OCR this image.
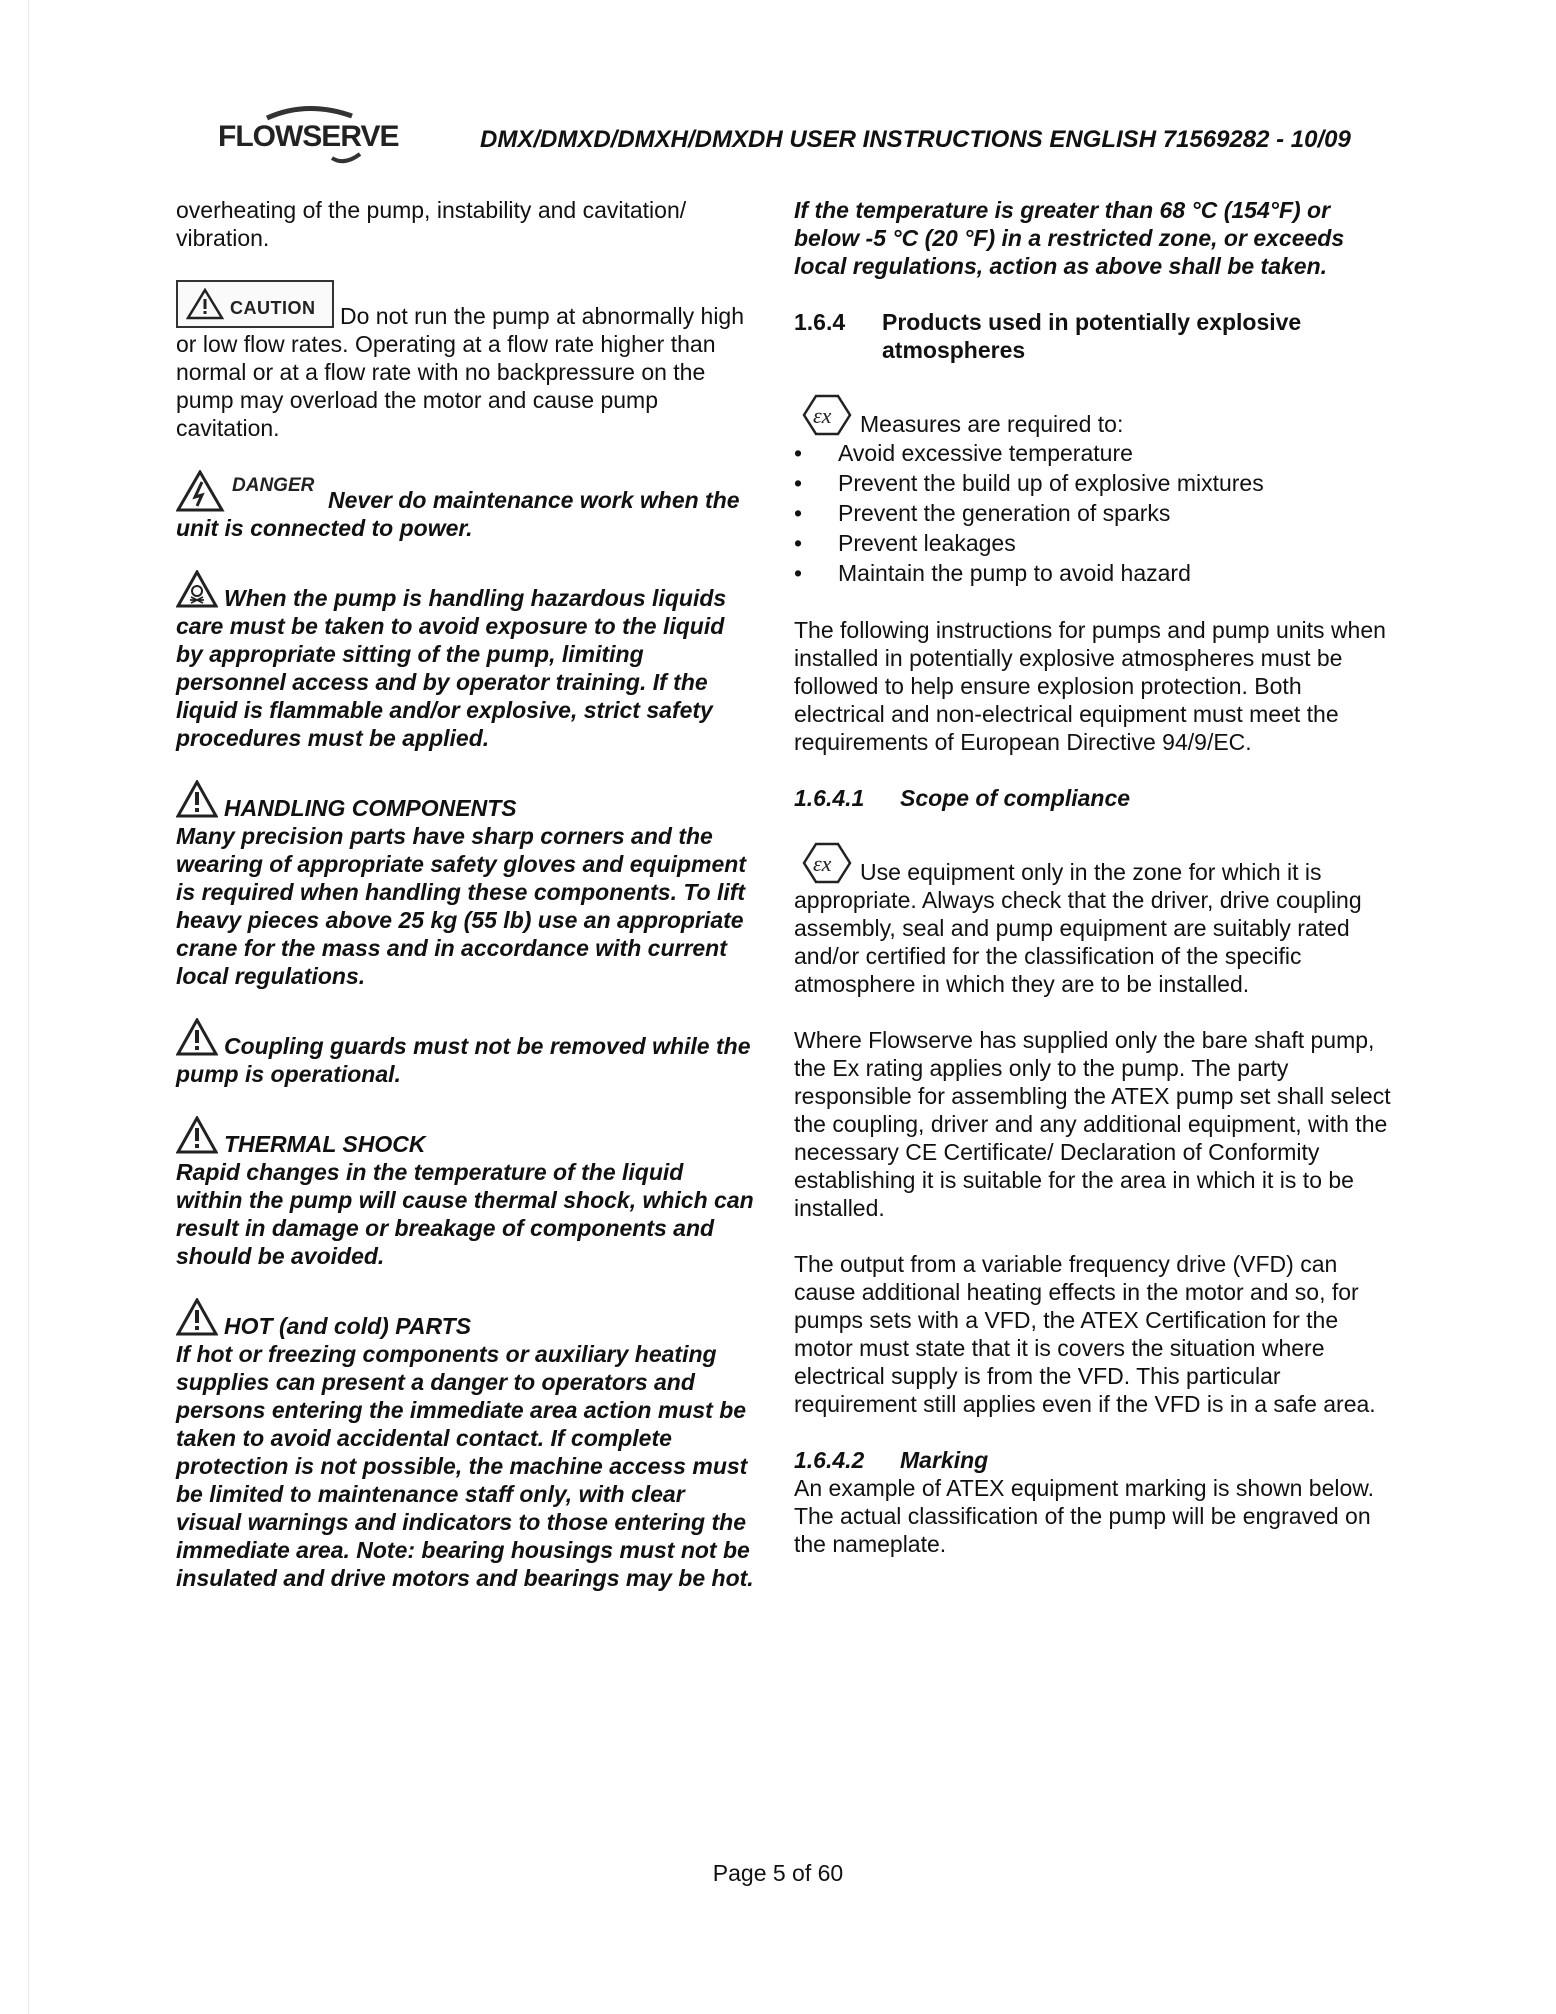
FLOWSERVE	DMX/DMXD/DMXH/DMXDH USER INSTRUCTIONS ENGLISH 71569282 - 10/09

overheating of the pump, instability and cavitation/ vibration.

CAUTION Do not run the pump at abnormally high or low flow rates. Operating at a flow rate higher than normal or at a flow rate with no backpressure on the pump may overload the motor and cause pump cavitation.

DANGER
Never do maintenance work when the unit is connected to power.

When the pump is handling hazardous liquids care must be taken to avoid exposure to the liquid by appropriate sitting of the pump, limiting personnel access and by operator training. If the liquid is flammable and/or explosive, strict safety procedures must be applied.

HANDLING COMPONENTS
Many precision parts have sharp corners and the wearing of appropriate safety gloves and equipment is required when handling these components. To lift heavy pieces above 25 kg (55 lb) use an appropriate crane for the mass and in accordance with current local regulations.

Coupling guards must not be removed while the pump is operational.

THERMAL SHOCK
Rapid changes in the temperature of the liquid within the pump will cause thermal shock, which can result in damage or breakage of components and should be avoided.

HOT (and cold) PARTS
If hot or freezing components or auxiliary heating supplies can present a danger to operators and persons entering the immediate area action must be taken to avoid accidental contact. If complete protection is not possible, the machine access must be limited to maintenance staff only, with clear visual warnings and indicators to those entering the immediate area. Note: bearing housings must not be insulated and drive motors and bearings may be hot.

If the temperature is greater than 68 °C (154°F) or below -5 °C (20 °F) in a restricted zone, or exceeds local regulations, action as above shall be taken.

1.6.4	Products used in potentially explosive atmospheres

εx Measures are required to:

• Avoid excessive temperature
• Prevent the build up of explosive mixtures
• Prevent the generation of sparks
• Prevent leakages
• Maintain the pump to avoid hazard

The following instructions for pumps and pump units when installed in potentially explosive atmospheres must be followed to help ensure explosion protection. Both electrical and non-electrical equipment must meet the requirements of European Directive 94/9/EC.

1.6.4.1	Scope of compliance

εx Use equipment only in the zone for which it is appropriate. Always check that the driver, drive coupling assembly, seal and pump equipment are suitably rated and/or certified for the classification of the specific atmosphere in which they are to be installed.

Where Flowserve has supplied only the bare shaft pump, the Ex rating applies only to the pump. The party responsible for assembling the ATEX pump set shall select the coupling, driver and any additional equipment, with the necessary CE Certificate/ Declaration of Conformity establishing it is suitable for the area in which it is to be installed.

The output from a variable frequency drive (VFD) can cause additional heating effects in the motor and so, for pumps sets with a VFD, the ATEX Certification for the motor must state that it is covers the situation where electrical supply is from the VFD. This particular requirement still applies even if the VFD is in a safe area.

1.6.4.2	Marking

An example of ATEX equipment marking is shown below. The actual classification of the pump will be engraved on the nameplate.

Page 5 of 60
